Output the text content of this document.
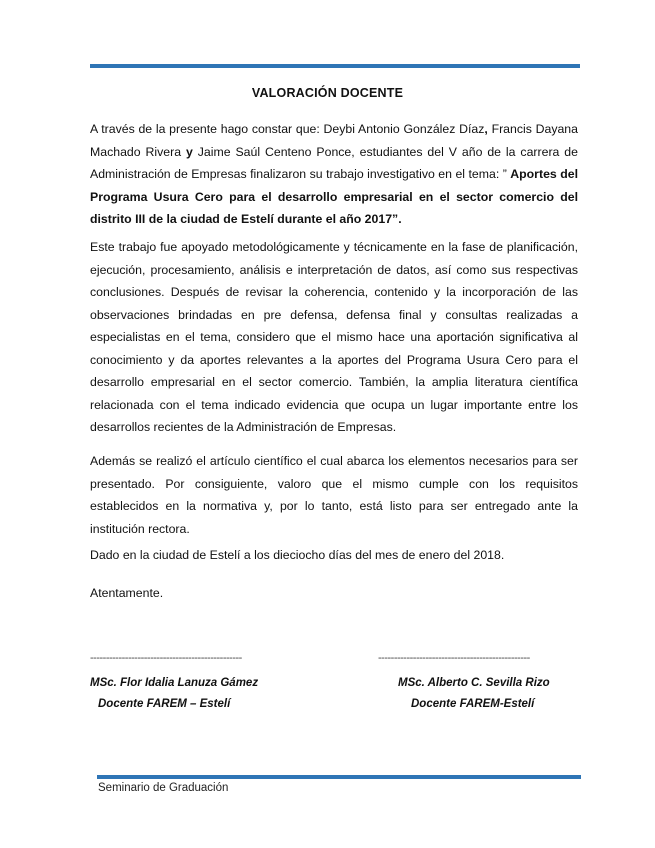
VALORACIÓN DOCENTE

A través de la presente hago constar que: Deybi Antonio González Díaz, Francis Dayana Machado Rivera y Jaime Saúl Centeno Ponce, estudiantes del V año de la carrera de Administración de Empresas finalizaron su trabajo investigativo en el tema: ” Aportes del Programa Usura Cero para el desarrollo empresarial en el sector comercio del distrito III de la ciudad de Estelí durante el año 2017”.

Este trabajo fue apoyado metodológicamente y técnicamente en la fase de planificación, ejecución, procesamiento, análisis e interpretación de datos, así como sus respectivas conclusiones. Después de revisar la coherencia, contenido y la incorporación de las observaciones brindadas en pre defensa, defensa final y consultas realizadas a especialistas en el tema, considero que el mismo hace una aportación significativa al conocimiento y da aportes relevantes a la aportes del Programa Usura Cero para el desarrollo empresarial en el sector comercio. También, la amplia literatura científica relacionada con el tema indicado evidencia que ocupa un lugar importante entre los desarrollos recientes de la Administración de Empresas.

Además se realizó el artículo científico el cual abarca los elementos necesarios para ser presentado. Por consiguiente, valoro que el mismo cumple con los requisitos establecidos en la normativa y, por lo tanto, está listo para ser entregado ante la institución rectora.

Dado en la ciudad de Estelí a los dieciocho días del mes de enero del 2018.

Atentamente.

------------------------------------------------	------------------------------------------------
MSc. Flor Idalia Lanuza Gámez
Docente FAREM – Estelí
MSc. Alberto C. Sevilla Rizo
Docente FAREM-Estelí
Seminario de Graduación
